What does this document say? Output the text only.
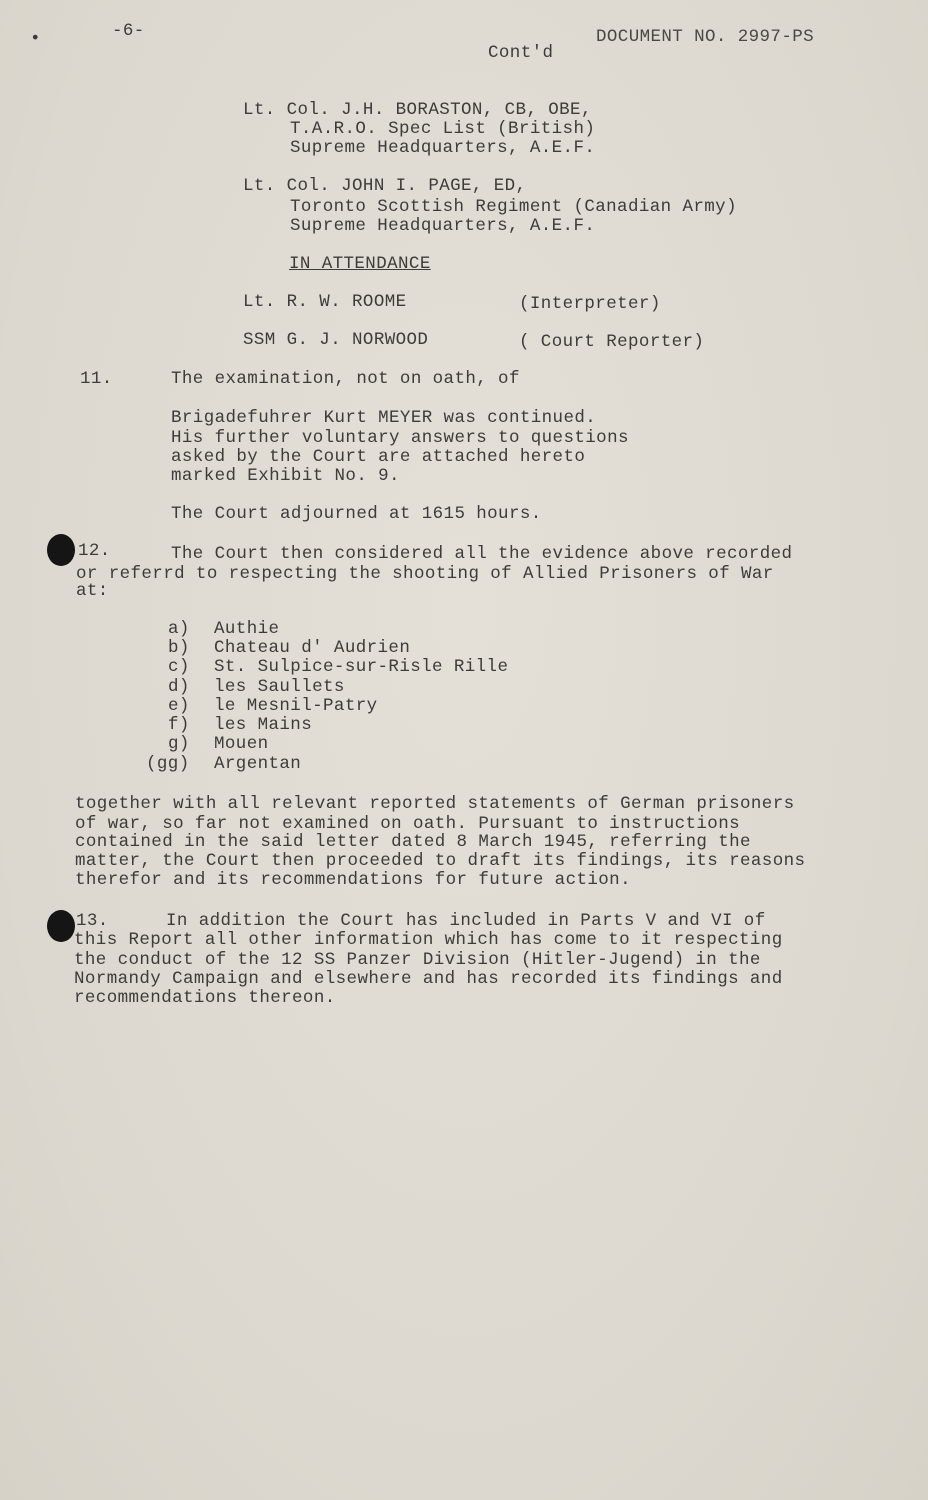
•	-6-	DOCUMENT NO. 2997-PS
Cont'd
Lt. Col. J.H. BORASTON, CB, OBE,
T.A.R.O. Spec List (British)
Supreme Headquarters, A.E.F.
Lt. Col. JOHN I. PAGE, ED,
Toronto Scottish Regiment (Canadian Army)
Supreme Headquarters, A.E.F.
IN ATTENDANCE
Lt. R. W. ROOME	(Interpreter)
SSM G. J. NORWOOD	( Court Reporter)
11.	The examination, not on oath, of
Brigadefuhrer Kurt MEYER was continued.
His further voluntary answers to questions
asked by the Court are attached hereto
marked Exhibit No. 9.
The Court adjourned at 1615 hours.
12.	The Court then considered all the evidence above recorded
or referrd to respecting the shooting of Allied Prisoners of War
at:
a) Authie
b) Chateau d' Audrien
c) St. Sulpice-sur-Risle Rille
d) les Saullets
e) le Mesnil-Patry
f) les Mains
g) Mouen
(gg) Argentan
together with all relevant reported statements of German prisoners
of war, so far not examined on oath. Pursuant to instructions
contained in the said letter dated 8 March 1945, referring the
matter, the Court then proceeded to draft its findings, its reasons
therefor and its recommendations for future action.
13.	In addition the Court has included in Parts V and VI of
this Report all other information which has come to it respecting
the conduct of the 12 SS Panzer Division (Hitler-Jugend) in the
Normandy Campaign and elsewhere and has recorded its findings and
recommendations thereon.
